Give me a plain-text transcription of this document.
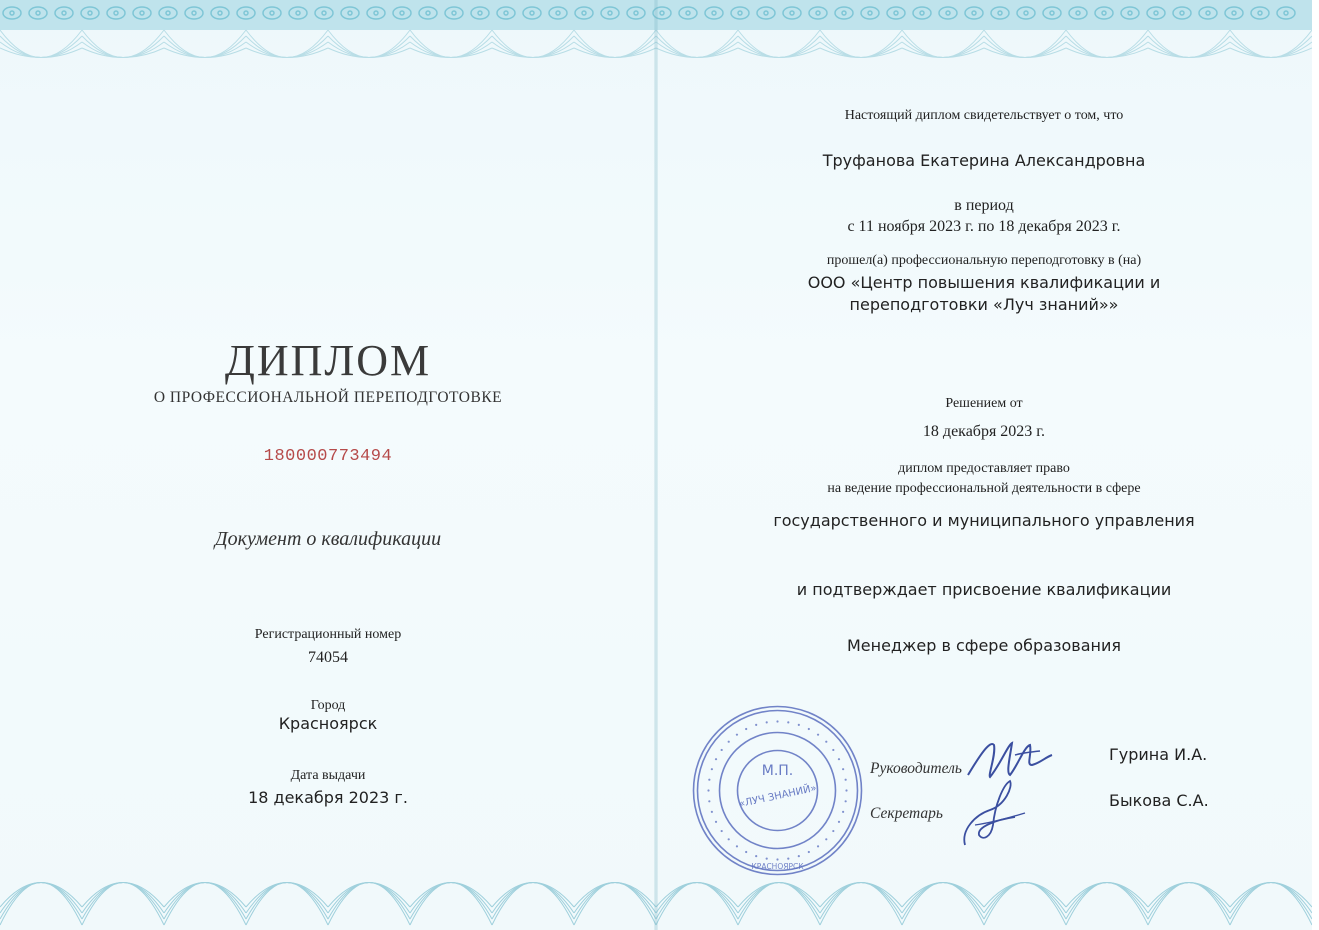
ДИПЛОМ

О ПРОФЕССИОНАЛЬНОЙ ПЕРЕПОДГОТОВКЕ

180000773494

Документ о квалификации

Регистрационный номер

74054

Город

Красноярск

Дата выдачи

18 декабря 2023 г.

Настоящий диплом свидетельствует о том, что

Труфанова Екатерина Александровна

в период

с 11 ноября 2023 г. по 18 декабря 2023 г.

прошел(а) профессиональную переподготовку в (на)

ООО «Центр повышения квалификации и

переподготовки «Луч знаний»»

Решением от

18 декабря 2023 г.

диплом предоставляет право

на ведение профессиональной деятельности в сфере

государственного и муниципального управления

и подтверждает присвоение квалификации

Менеджер в сфере образования

Руководитель

Гурина И.А.

Секретарь

Быкова С.А.

М.П.
«ЛУЧ ЗНАНИЙ»
КРАСНОЯРСК
